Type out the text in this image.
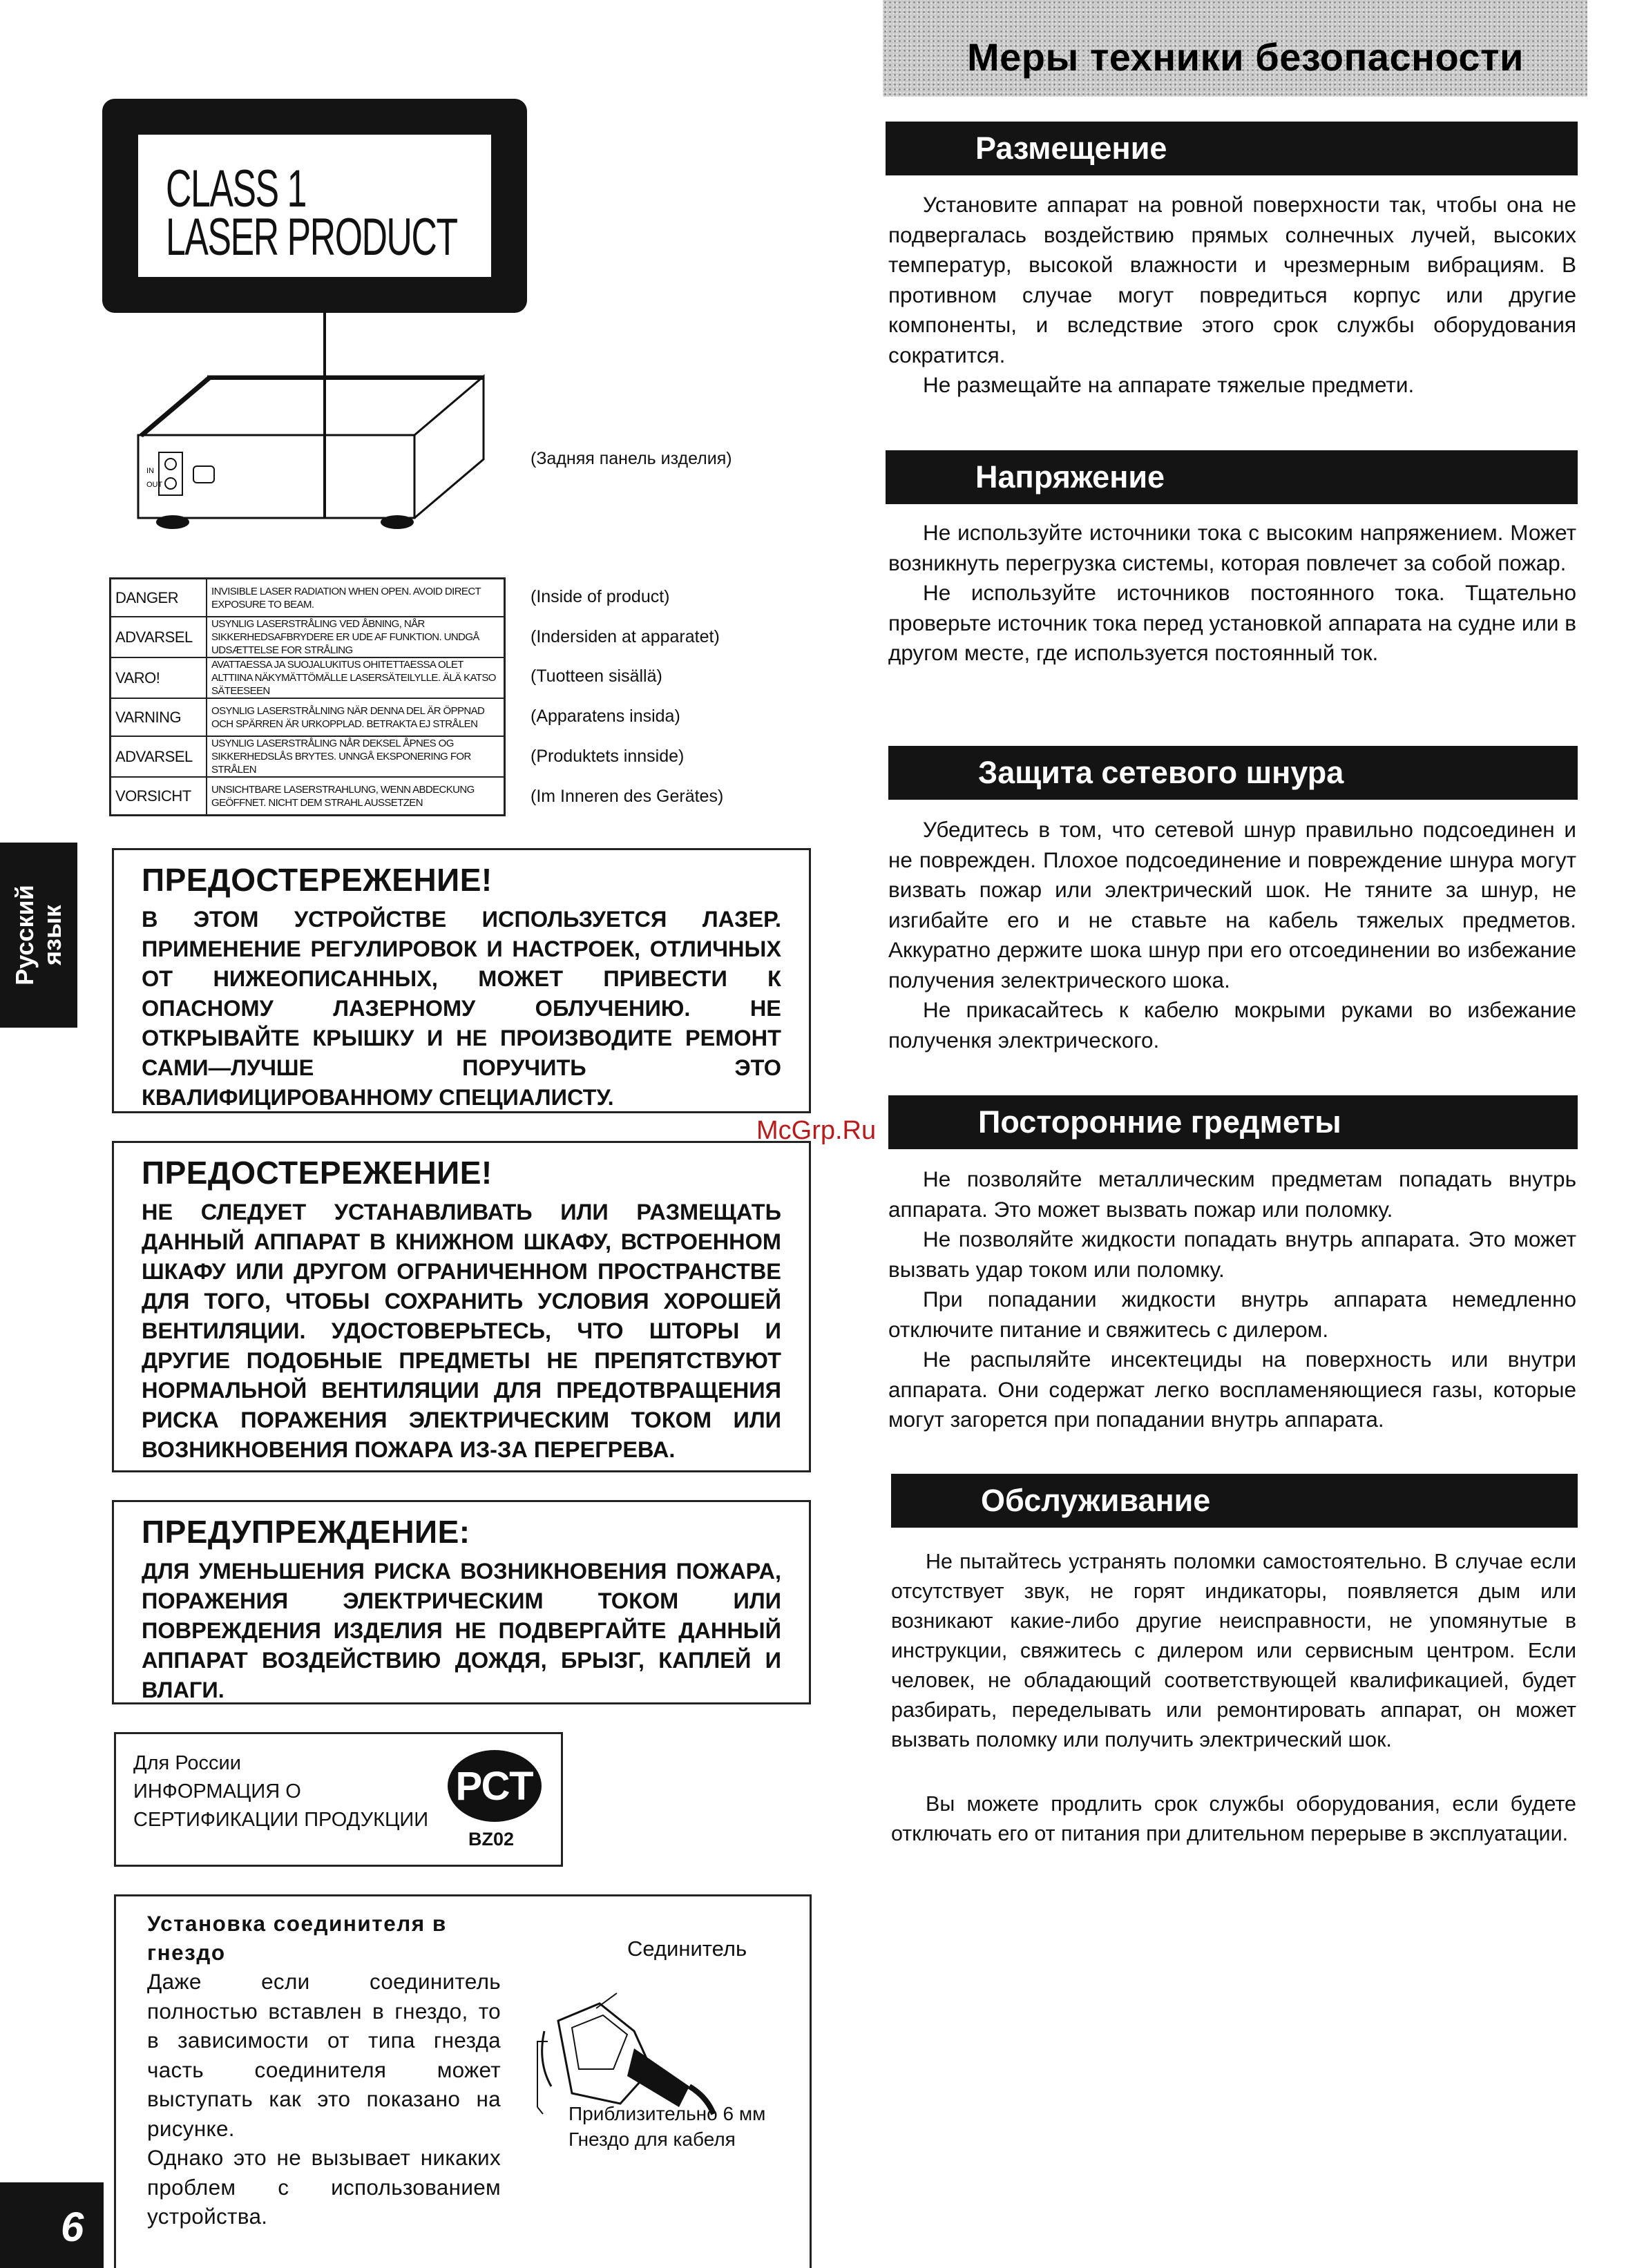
Меры техники безопасности
Размещение

Установите аппарат на ровной поверхности так, чтобы она не подвергалась воздействию прямых солнечных лучей, высоких температур, высокой влажности и чрезмерным вибрациям. В противном случае могут повредиться корпус или другие компоненты, и вследствие этого срок службы оборудования сократится.

Не размещайте на аппарате тяжелые предмети.

Напряжение

Не используйте источники тока с высоким напряжением. Может возникнуть перегрузка системы, которая повлечет за собой пожар.

Не используйте источников постоянного тока. Тщательно проверьте источник тока перед установкой аппарата на судне или в другом месте, где используется постоянный ток.

Защита сетевого шнура

Убедитесь в том, что сетевой шнур правильно подсоединен и не поврежден. Плохое подсоединение и повреждение шнура могут визвать пожар или электрический шок. Не тяните за шнур, не изгибайте его и не ставьте на кабель тяжелых предметов. Аккуратно держите шока шнур при его отсоединении во избежание получения зелектрического шока.

Не прикасайтесь к кабелю мокрыми руками во избежание полученкя электрического.

Посторонние гредметы

Не позволяйте металлическим предметам попадать внутрь аппарата. Это может вызвать пожар или поломку.

Не позволяйте жидкости попадать внутрь аппарата. Это может вызвать удар током или поломку.

При попадании жидкости внутрь аппарата немедленно отключите питание и свяжитесь с дилером.

Не распыляйте инсектециды на поверхность или внутри аппарата. Они содержат легко воспламеняющиеся газы, которые могут загорется при попадании внутрь аппарата.

Обслуживание

Не пытайтесь устранять поломки самостоятельно. В случае если отсутствует звук, не горят индикаторы, появляется дым или возникают какие-либо другие неисправности, не упомянутые в инструкции, свяжитесь с дилером или сервисным центром. Если человек, не обладающий соответствующей квалификацией, будет разбирать, переделывать или ремонтировать аппарат, он может вызвать поломку или получить электрический шок.

Вы можете продлить срок службы оборудования, если будете отключать его от питания при длительном перерыве в эксплуатации.

CLASS 1
LASER PRODUCT
IN
OUT
(Задняя панель изделия)
DANGER	INVISIBLE LASER RADIATION WHEN OPEN. AVOID DIRECT EXPOSURE TO BEAM.
ADVARSEL	USYNLIG LASERSTRÅLING VED ÅBNING, NÅR SIKKERHEDSAFBRYDERE ER UDE AF FUNKTION. UNDGÅ UDSÆTTELSE FOR STRÅLING
VARO!	AVATTAESSA JA SUOJALUKITUS OHITETTAESSA OLET ALTTIINA NÄKYMÄTTÖMÄLLE LASERSÄTEILYLLE. ÄLÄ KATSO SÄTEESEEN
VARNING	OSYNLIG LASERSTRÅLNING NÄR DENNA DEL ÄR ÖPPNAD OCH SPÄRREN ÄR URKOPPLAD. BETRAKTA EJ STRÅLEN
ADVARSEL	USYNLIG LASERSTRÅLING NÅR DEKSEL ÅPNES OG SIKKERHEDSLÅS BRYTES. UNNGÅ EKSPONERING FOR STRÅLEN
VORSICHT	UNSICHTBARE LASERSTRAHLUNG, WENN ABDECKUNG GEÖFFNET. NICHT DEM STRAHL AUSSETZEN
(Inside of product)
(Indersiden at apparatet)
(Tuotteen sisällä)
(Apparatens insida)
(Produktets innside)
(Im Inneren des Gerätes)
Русский язык
ПРЕДОСТЕРЕЖЕНИЕ!
В ЭТОМ УСТРОЙСТВЕ ИСПОЛЬЗУЕТСЯ ЛАЗЕР. ПРИМЕНЕНИЕ РЕГУЛИРОВОК И НАСТРОЕК, ОТЛИЧНЫХ ОТ НИЖЕОПИСАННЫХ, МОЖЕТ ПРИВЕСТИ К ОПАСНОМУ ЛАЗЕРНОМУ ОБЛУЧЕНИЮ. НЕ ОТКРЫВАЙТЕ КРЫШКУ И НЕ ПРОИЗВОДИТЕ РЕМОНТ САМИ—ЛУЧШЕ ПОРУЧИТЬ ЭТО КВАЛИФИЦИРОВАННОМУ СПЕЦИАЛИСТУ.
ПРЕДОСТЕРЕЖЕНИЕ!
НЕ СЛЕДУЕТ УСТАНАВЛИВАТЬ ИЛИ РАЗМЕЩАТЬ ДАННЫЙ АППАРАТ В КНИЖНОМ ШКАФУ, ВСТРОЕННОМ ШКАФУ ИЛИ ДРУГОМ ОГРАНИЧЕННОМ ПРОСТРАНСТВЕ ДЛЯ ТОГО, ЧТОБЫ СОХРАНИТЬ УСЛОВИЯ ХОРОШЕЙ ВЕНТИЛЯЦИИ. УДОСТОВЕРЬТЕСЬ, ЧТО ШТОРЫ И ДРУГИЕ ПОДОБНЫЕ ПРЕДМЕТЫ НЕ ПРЕПЯТСТВУЮТ НОРМАЛЬНОЙ ВЕНТИЛЯЦИИ ДЛЯ ПРЕДОТВРАЩЕНИЯ РИСКА ПОРАЖЕНИЯ ЭЛЕКТРИЧЕСКИМ ТОКОМ ИЛИ ВОЗНИКНОВЕНИЯ ПОЖАРА ИЗ-ЗА ПЕРЕГРЕВА.
ПРЕДУПРЕЖДЕНИЕ:
ДЛЯ УМЕНЬШЕНИЯ РИСКА ВОЗНИКНОВЕНИЯ ПОЖАРА, ПОРАЖЕНИЯ ЭЛЕКТРИЧЕСКИМ ТОКОМ ИЛИ ПОВРЕЖДЕНИЯ ИЗДЕЛИЯ НЕ ПОДВЕРГАЙТЕ ДАННЫЙ АППАРАТ ВОЗДЕЙСТВИЮ ДОЖДЯ, БРЫЗГ, КАПЛЕЙ И ВЛАГИ.
Для России
ИНФОРМАЦИЯ О
СЕРТИФИКАЦИИ ПРОДУКЦИИ
РСТ
BZ02
Установка соединителя в гнездо
Даже если соединитель полностью вставлен в гнездо, то в зависимости от типа гнезда часть соединителя может выступать как это показано на рисунке.
Однако это не вызывает никаких проблем с использованием устройства.
Сединитель
Приблизительно 6 мм
Гнездо для кабеля
McGrp.Ru
6
